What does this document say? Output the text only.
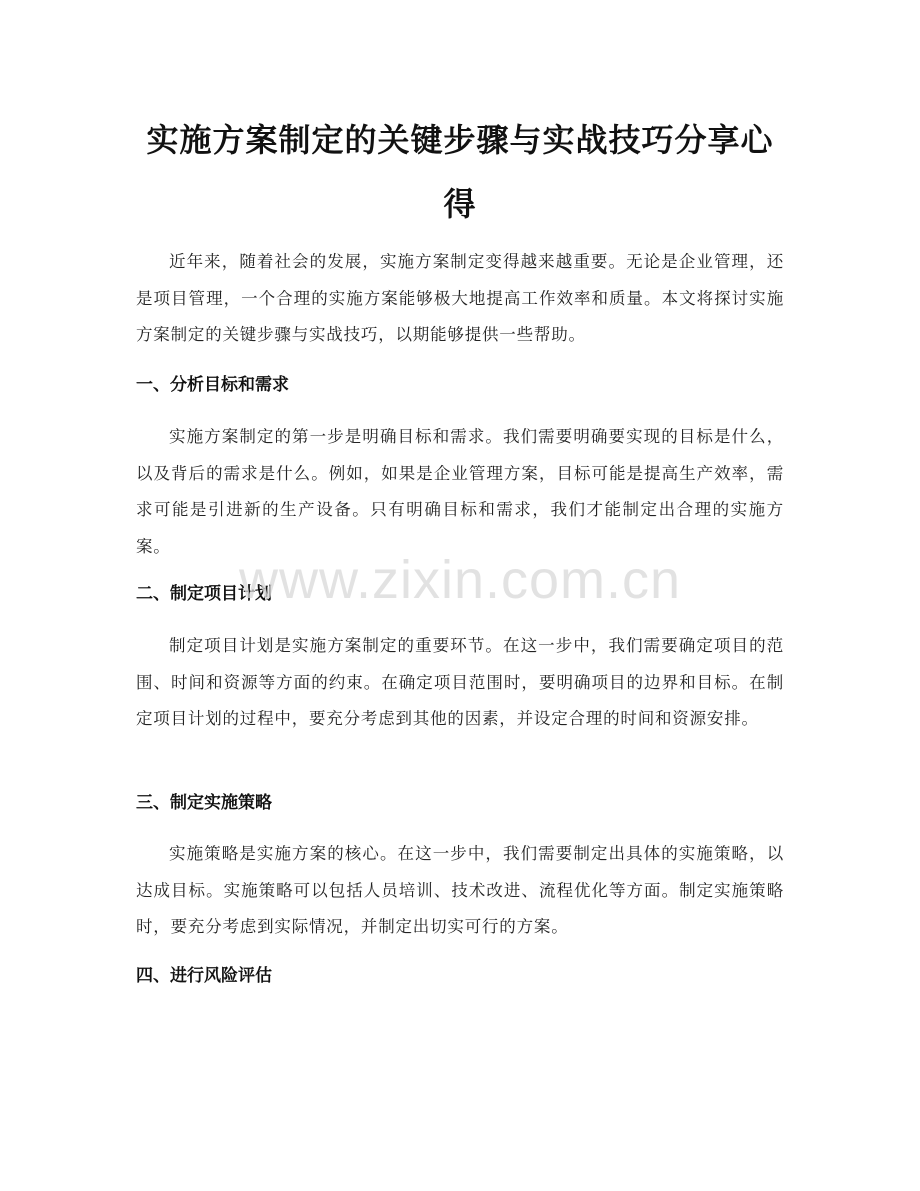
实施方案制定的关键步骤与实战技巧分享心得

近年来，随着社会的发展，实施方案制定变得越来越重要。无论是企业管理，还是项目管理，一个合理的实施方案能够极大地提高工作效率和质量。本文将探讨实施方案制定的关键步骤与实战技巧，以期能够提供一些帮助。

一、分析目标和需求

实施方案制定的第一步是明确目标和需求。我们需要明确要实现的目标是什么，以及背后的需求是什么。例如，如果是企业管理方案，目标可能是提高生产效率，需求可能是引进新的生产设备。只有明确目标和需求，我们才能制定出合理的实施方案。

二、制定项目计划

制定项目计划是实施方案制定的重要环节。在这一步中，我们需要确定项目的范围、时间和资源等方面的约束。在确定项目范围时，要明确项目的边界和目标。在制定项目计划的过程中，要充分考虑到其他的因素，并设定合理的时间和资源安排。

三、制定实施策略

实施策略是实施方案的核心。在这一步中，我们需要制定出具体的实施策略，以达成目标。实施策略可以包括人员培训、技术改进、流程优化等方面。制定实施策略时，要充分考虑到实际情况，并制定出切实可行的方案。

四、进行风险评估
www.zixin.com.cn
